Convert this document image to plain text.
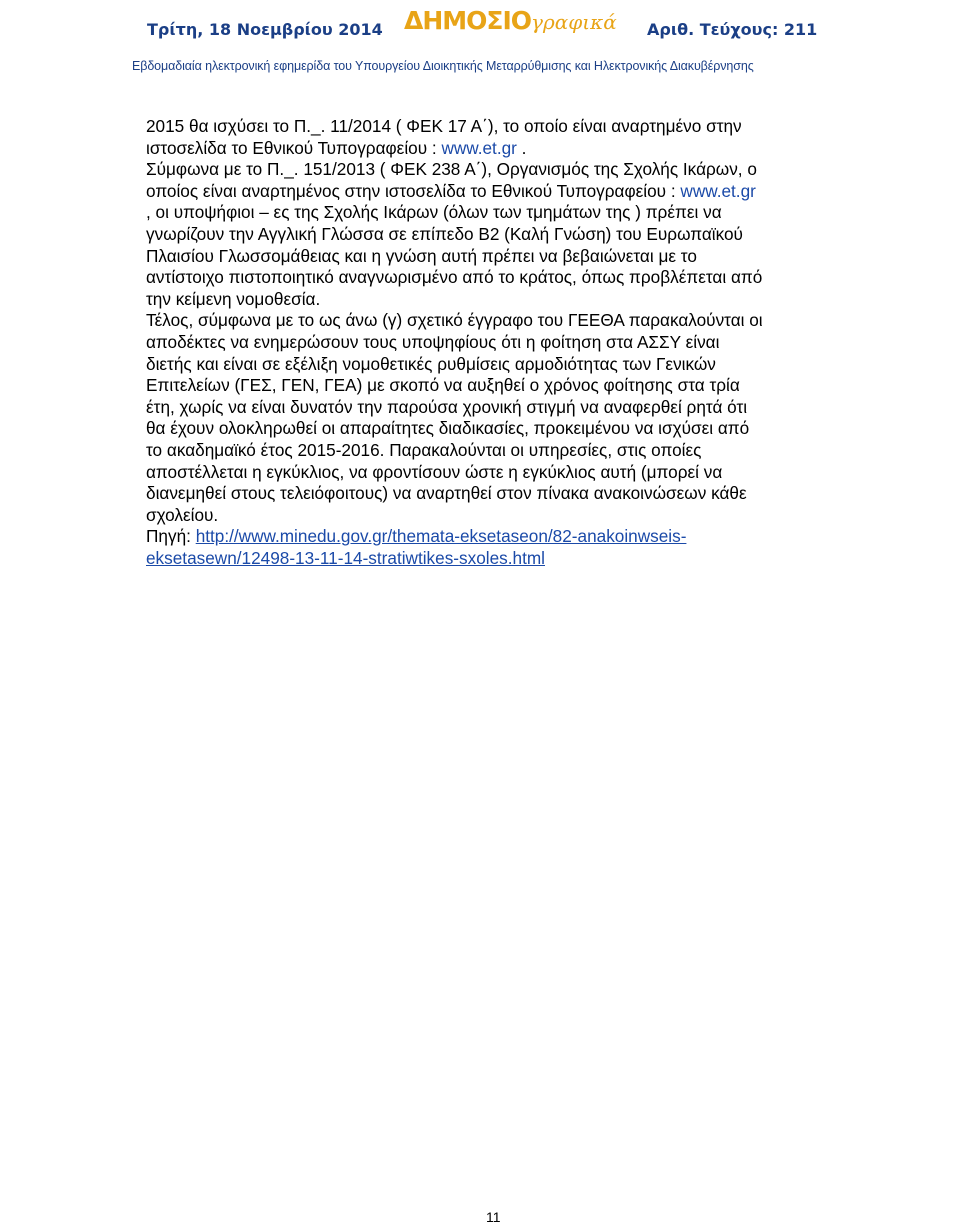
Τρίτη, 18 Νοεμβρίου 2014 ΔΗΜΟΣΙΟγραφικά Αριθ. Τεύχους: 211
Εβδομαδιαία ηλεκτρονική εφημερίδα του Υπουργείου Διοικητικής Μεταρρύθμισης και Ηλεκτρονικής Διακυβέρνησης
2015 θα ισχύσει το Π._. 11/2014 ( ΦΕΚ 17 Α΄), το οποίο είναι αναρτημένο στην
ιστοσελίδα το Εθνικού Τυπογραφείου : www.et.gr .
Σύμφωνα με το Π._. 151/2013 ( ΦΕΚ 238 Α΄), Οργανισμός της Σχολής Ικάρων, ο
οποίος είναι αναρτημένος στην ιστοσελίδα το Εθνικού Τυπογραφείου : www.et.gr
, οι υποψήφιοι – ες της Σχολής Ικάρων (όλων των τμημάτων της ) πρέπει να
γνωρίζουν την Αγγλική Γλώσσα σε επίπεδο Β2 (Καλή Γνώση) του Ευρωπαϊκού
Πλαισίου Γλωσσομάθειας και η γνώση αυτή πρέπει να βεβαιώνεται με το
αντίστοιχο πιστοποιητικό αναγνωρισμένο από το κράτος, όπως προβλέπεται από
την κείμενη νομοθεσία.
Τέλος, σύμφωνα με το ως άνω (γ) σχετικό έγγραφο του ΓΕΕΘΑ παρακαλούνται οι
αποδέκτες να ενημερώσουν τους υποψηφίους ότι η φοίτηση στα ΑΣΣΥ είναι
διετής και είναι σε εξέλιξη νομοθετικές ρυθμίσεις αρμοδιότητας των Γενικών
Επιτελείων (ΓΕΣ, ΓΕΝ, ΓΕΑ) με σκοπό να αυξηθεί ο χρόνος φοίτησης στα τρία
έτη, χωρίς να είναι δυνατόν την παρούσα χρονική στιγμή να αναφερθεί ρητά ότι
θα έχουν ολοκληρωθεί οι απαραίτητες διαδικασίες, προκειμένου να ισχύσει από
το ακαδημαϊκό έτος 2015-2016. Παρακαλούνται οι υπηρεσίες, στις οποίες
αποστέλλεται η εγκύκλιος, να φροντίσουν ώστε η εγκύκλιος αυτή (μπορεί να
διανεμηθεί στους τελειόφοιτους) να αναρτηθεί στον πίνακα ανακοινώσεων κάθε
σχολείου.
Πηγή: http://www.minedu.gov.gr/themata-eksetaseon/82-anakoinwseis-
eksetasewn/12498-13-11-14-stratiwtikes-sxoles.html
11
